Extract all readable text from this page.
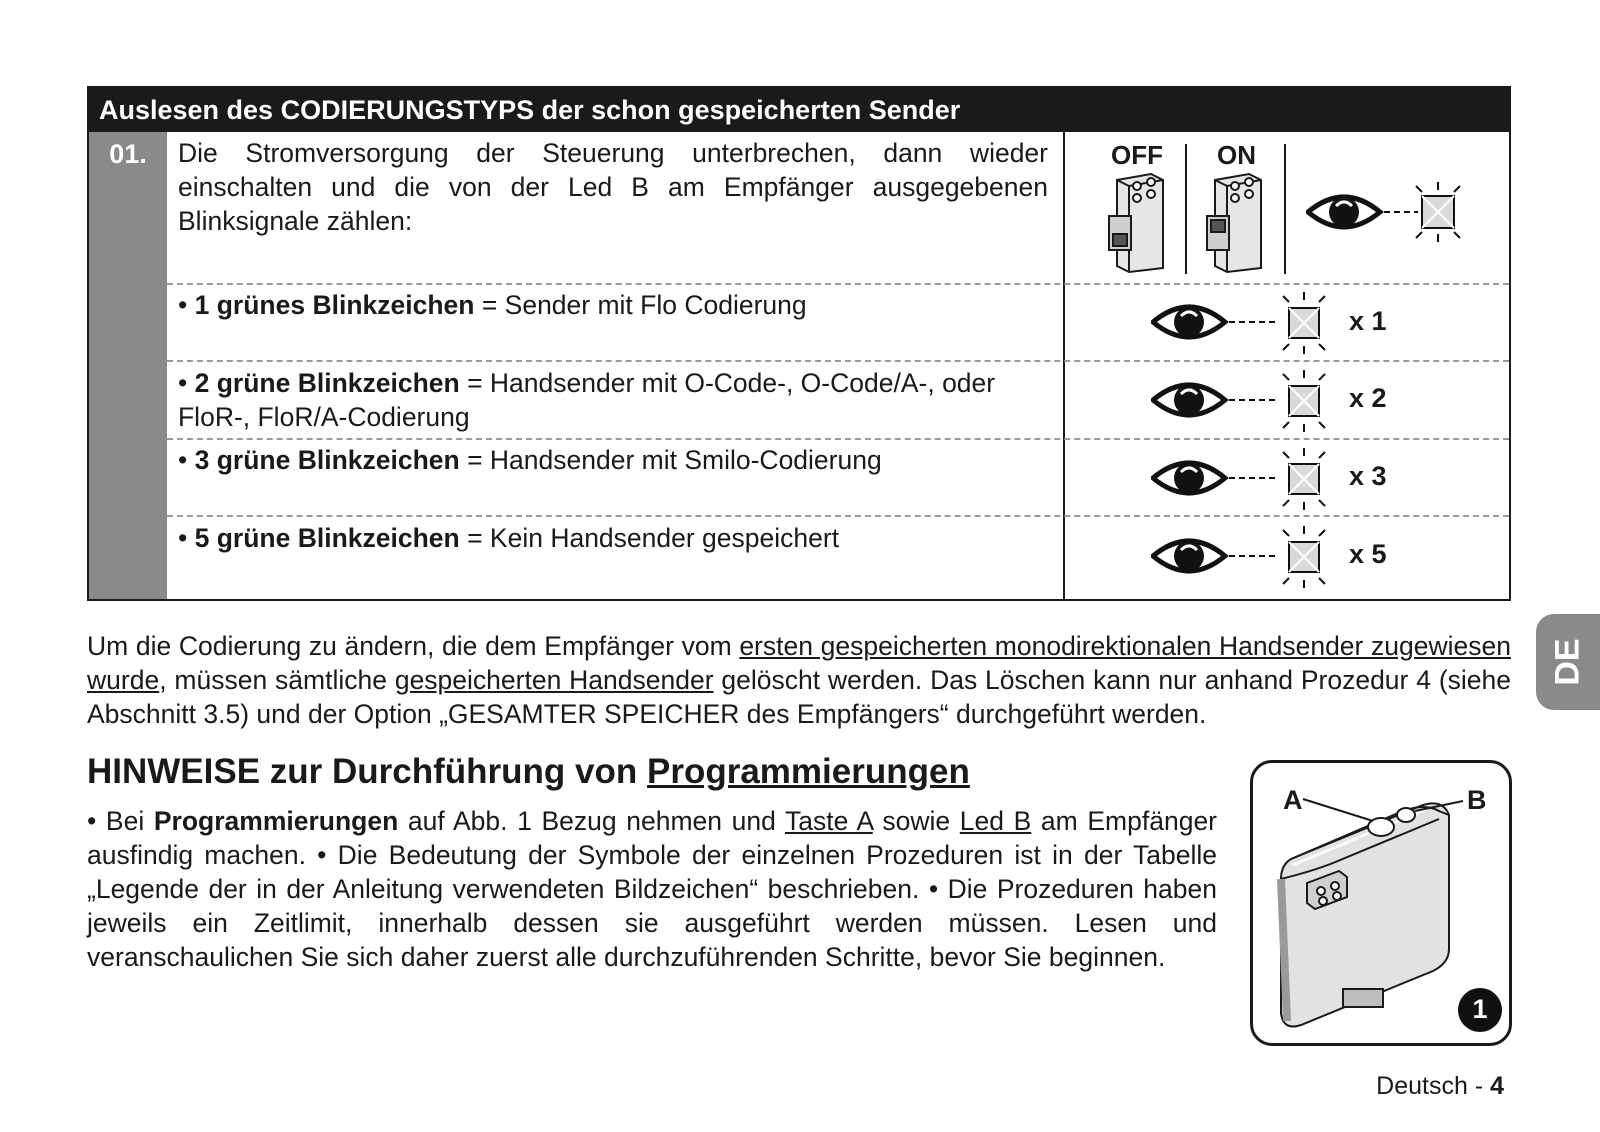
Auslesen des CODIERUNGSTYPS der schon gespeicherten Sender
01.	Die Stromversorgung der Steuerung unterbrechen, dann wieder einschalten und die von der Led B am Empfänger ausgegebenen Blinksignale zählen:
• 1 grünes Blinkzeichen = Sender mit Flo Codierung
• 2 grüne Blinkzeichen = Handsender mit O-Code-, O-Code/A-, oder FloR-, FloR/A-Codierung
• 3 grüne Blinkzeichen = Handsender mit Smilo-Codierung
• 5 grüne Blinkzeichen = Kein Handsender gespeichert
OFF ON
x 1
x 2
x 3
x 5
Um die Codierung zu ändern, die dem Empfänger vom ersten gespeicherten monodirektionalen Handsender zugewiesen wurde, müssen sämtliche gespeicherten Handsender gelöscht werden. Das Löschen kann nur anhand Prozedur 4 (siehe Abschnitt 3.5) und der Option „GESAMTER SPEICHER des Empfängers“ durchgeführt werden.
DE
HINWEISE zur Durchführung von Programmierungen
• Bei Programmierungen auf Abb. 1 Bezug nehmen und Taste A sowie Led B am Empfänger ausfindig machen. • Die Bedeutung der Symbole der einzelnen Prozeduren ist in der Tabelle „Legende der in der Anleitung verwendeten Bildzeichen“ beschrieben. • Die Prozeduren haben jeweils ein Zeitlimit, innerhalb dessen sie ausgeführt werden müssen. Lesen und veranschaulichen Sie sich daher zuerst alle durchzuführenden Schritte, bevor Sie beginnen.
A	B
1
Deutsch - 4
